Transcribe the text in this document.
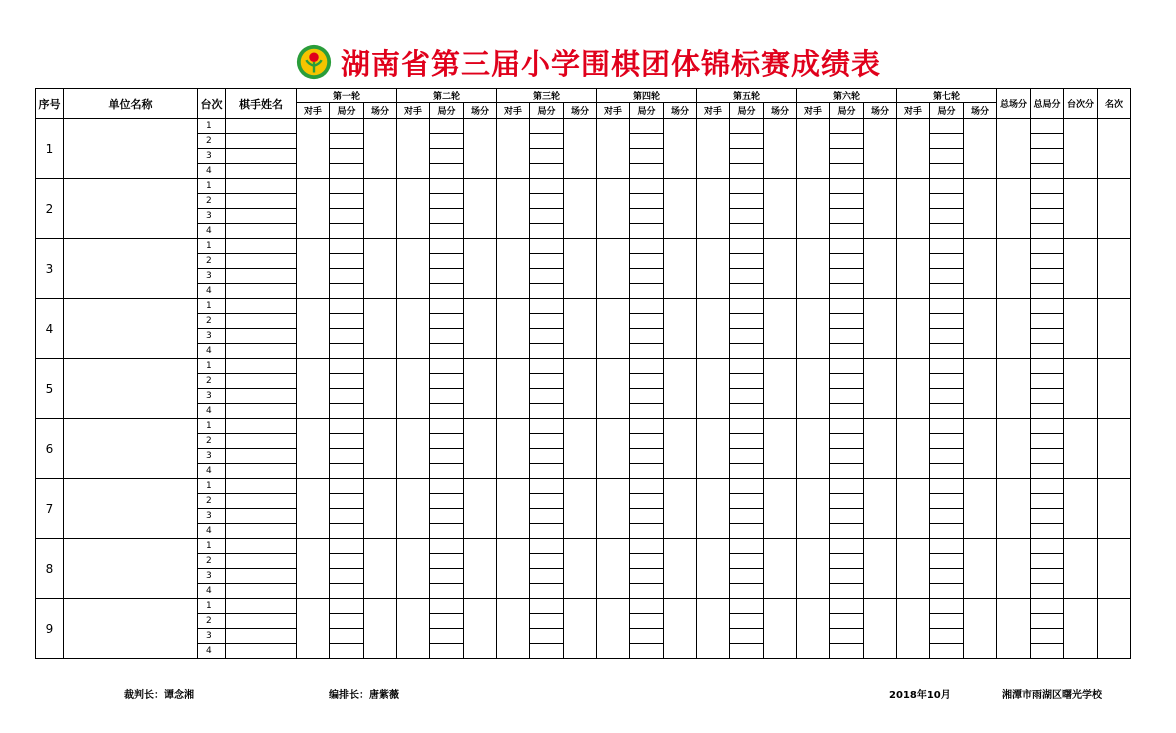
湖南省第三届小学围棋团体锦标赛成绩表
序号	单位名称	台次	棋手姓名	第一轮			第二轮			第三轮			第四轮			第五轮			第六轮			第七轮			总场分	总局分	台次分	名次
				对手	局分	场分	对手	局分	场分	对手	局分	场分	对手	局分	场分	对手	局分	场分	对手	局分	场分	对手	局分	场分				
1		1																										
		2																										
		3																										
		4																										
2		1																										
		2																										
		3																										
		4																										
3		1																										
		2																										
		3																										
		4																										
4		1																										
		2																										
		3																										
		4																										
5		1																										
		2																										
		3																										
		4																										
6		1																										
		2																										
		3																										
		4																										
7		1																										
		2																										
		3																										
		4																										
8		1																										
		2																										
		3																										
		4																										
9		1																										
		2																										
		3																										
		4																										
裁判长：谭念湘	编排长：唐紫薇	2018年10月	湘潭市雨湖区曙光学校
